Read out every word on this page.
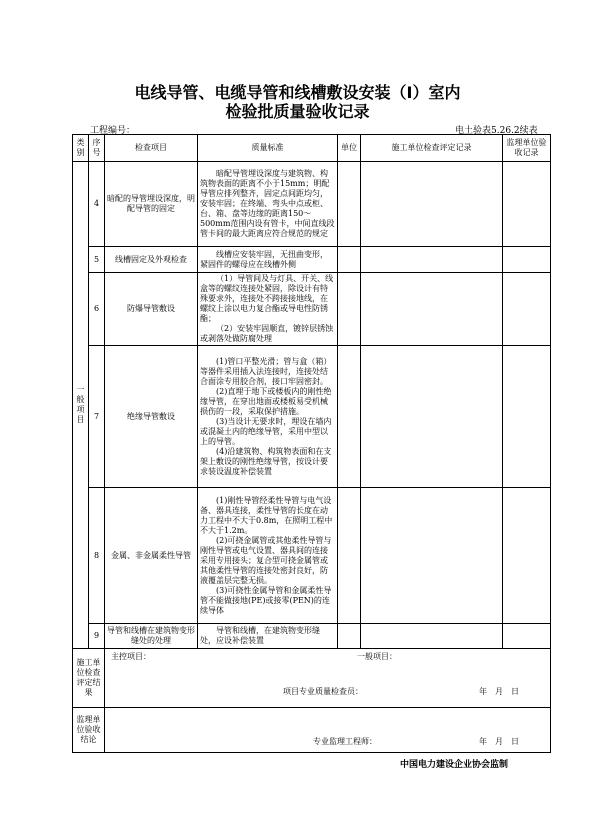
电线导管、电缆导管和线槽敷设安装（Ⅰ）室内
检验批质量验收记录
工程编号：	电土验表5.26.2续表
类别	序号	检查项目	质量标准	单位	施工单位检查评定记录	监理单位验收记录
一般项目	4	暗配的导管埋设深度，明配导管的固定	暗配导管埋设深度与建筑物、构筑物表面的距离不小于15mm；明配导管应排列整齐，固定点间距均匀，安装牢固；在终端、弯头中点或柜、台、箱、盘等边缘的距离150～500mm范围内设有管卡，中间直线段管卡间的最大距离应符合规范的规定			

	5	线槽固定及外观检查	线槽应安装牢固，无扭曲变形，紧固件的螺母应在线槽外侧			

	6	防爆导管敷设	（1）导管间及与灯具、开关、线盒等的螺纹连接处紧固，除设计有特殊要求外，连接处不跨接接地线，在螺纹上涂以电力复合酯或导电性防锈酯；
（2）安装牢固顺直，镀锌层锈蚀或剥落处做防腐处理			

	7	绝缘导管敷设	(1)管口平整光滑；管与盒（箱）等器件采用插入法连接时，连接处结合面涂专用胶合剂，接口牢固密封。
(2)直埋于地下或楼板内的刚性绝缘导管，在穿出地面或楼板易受机械损伤的一段，采取保护措施。
(3)当设计无要求时，埋设在墙内或混凝土内的绝缘导管，采用中型以上的导管。
(4)沿建筑物、构筑物表面和在支架上敷设的刚性绝缘导管，按设计要求装设温度补偿装置			

	8	金属、非金属柔性导管	(1)刚性导管经柔性导管与电气设备、器具连接，柔性导管的长度在动力工程中不大于0.8m，在照明工程中不大于1.2m。
(2)可挠金属管或其他柔性导管与刚性导管或电气设置、器具间的连接采用专用接头；复合型可挠金属管或其他柔性导管的连接处密封良好，防液覆盖层完整无损。
(3)可挠性金属导管和金属柔性导管不能做接地(PE)或接零(PEN)的连续导体			

	9	导管和线槽在建筑物变形缝处的处理	导管和线槽，在建筑物变形缝处，应设补偿装置			

施工单位检查评定结果		主控项目： 一般项目：
项目专业质量检查员： 年　月　日				

监理单位验收结论		专业监理工程师： 年　月　日				
中国电力建设企业协会监制
